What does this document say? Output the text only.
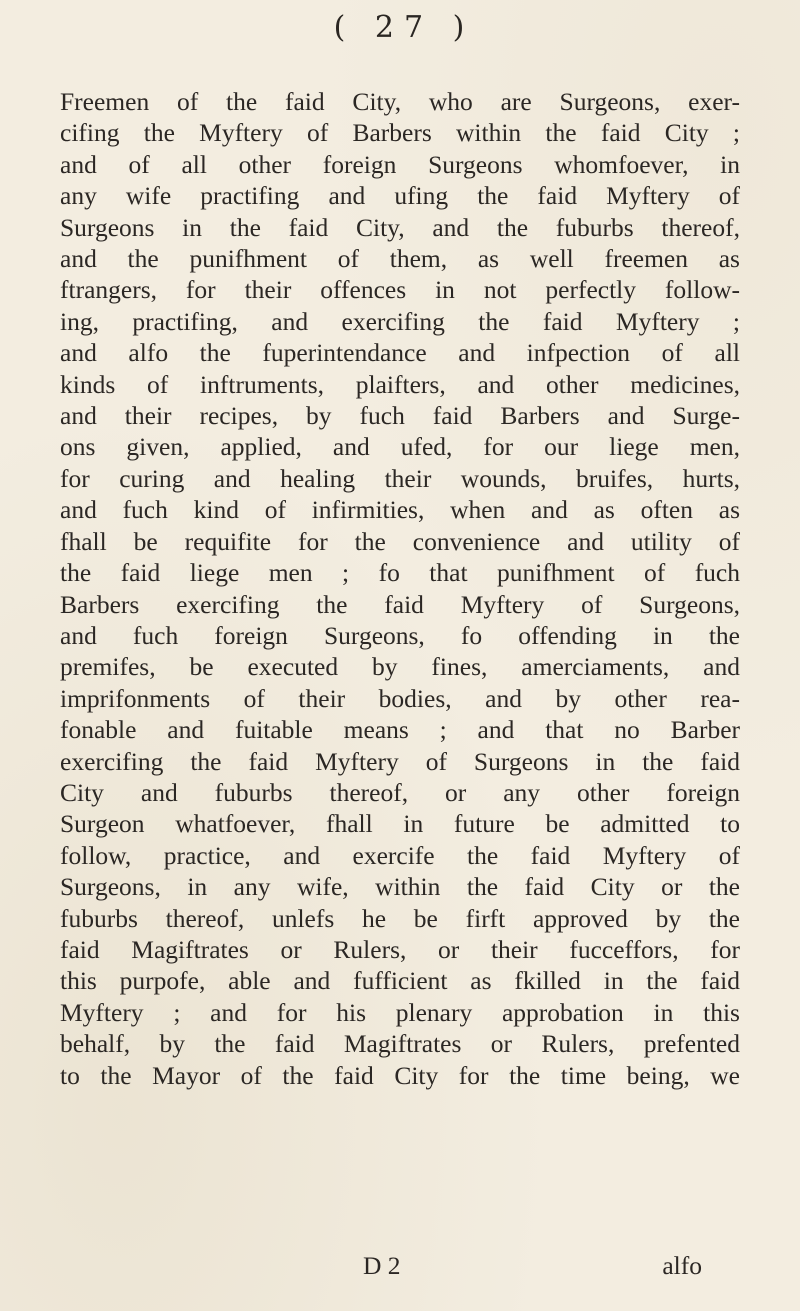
( 27 )

Freemen of the faid City, who are Surgeons, exer-
cifing the Myftery of Barbers within the faid City ;
and of all other foreign Surgeons whomfoever, in
any wife practifing and ufing the faid Myftery of
Surgeons in the faid City, and the fuburbs thereof,
and the punifhment of them, as well freemen as
ftrangers, for their offences in not perfectly follow-
ing, practifing, and exercifing the faid Myftery ;
and alfo the fuperintendance and infpection of all
kinds of inftruments, plaifters, and other medicines,
and their recipes, by fuch faid Barbers and Surge-
ons given, applied, and ufed, for our liege men,
for curing and healing their wounds, bruifes, hurts,
and fuch kind of infirmities, when and as often as
fhall be requifite for the convenience and utility of
the faid liege men ; fo that punifhment of fuch
Barbers exercifing the faid Myftery of Surgeons,
and fuch foreign Surgeons, fo offending in the
premifes, be executed by fines, amerciaments, and
imprifonments of their bodies, and by other rea-
fonable and fuitable means ; and that no Barber
exercifing the faid Myftery of Surgeons in the faid
City and fuburbs thereof, or any other foreign
Surgeon whatfoever, fhall in future be admitted to
follow, practice, and exercife the faid Myftery of
Surgeons, in any wife, within the faid City or the
fuburbs thereof, unlefs he be firft approved by the
faid Magiftrates or Rulers, or their fucceffors, for
this purpofe, able and fufficient as fkilled in the faid
Myftery ; and for his plenary approbation in this
behalf, by the faid Magiftrates or Rulers, prefented
to the Mayor of the faid City for the time being, we

D 2	alfo
